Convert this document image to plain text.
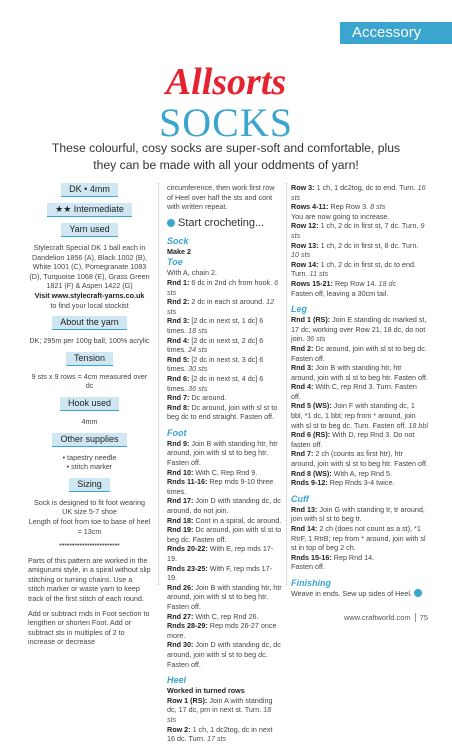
Accessory
Allsorts
SOCKS
These colourful, cosy socks are super-soft and comfortable, plus they can be made with all your oddments of yarn!
DK • 4mm
★★ Intermediate
Yarn used
Stylecraft Special DK 1 ball each in Dandelion 1856 (A), Black 1002 (B), White 1001 (C), Pomegranate 1083 (D), Turquoise 1068 (E), Grass Green 1821 (F) & Aspen 1422 (G)
Visit www.stylecraft-yarns.co.uk
to find your local stockist
About the yarn
DK; 295m per 100g ball; 100% acrylic
Tension
9 sts x 9 rows = 4cm measured over dc
Hook used
4mm
Other supplies
• tapestry needle
• stitch marker
Sizing
Sock is designed to fit foot wearing UK size 5-7 shoe
Length of foot from toe to base of heel = 13cm
••••••••••••••••••••••••
Parts of this pattern are worked in the amigurumi style, in a spiral without slip stitching or turning chains. Use a stitch marker or waste yarn to keep track of the first stitch of each round.
Add or subtract rnds in Foot section to lengthen or shorten Foot. Add or subtract sts in multiples of 2 to increase or decrease
circumference, then work first row of Heel over half the sts and cont with written repeat.
Start crocheting...
Sock
Make 2
Toe
With A, chain 2.
Rnd 1: 6 dc in 2nd ch from hook. 6 sts
Rnd 2: 2 dc in each st around. 12 sts
Rnd 3: [2 dc in next st, 1 dc] 6 times. 18 sts
Rnd 4: [2 dc in next st, 2 dc] 6 times. 24 sts
Rnd 5: [2 dc in next st, 3 dc] 6 times. 30 sts
Rnd 6: [2 dc in next st, 4 dc] 6 times. 36 sts
Rnd 7: Dc around.
Rnd 8: Dc around, join with sl st to beg dc to end straight. Fasten off.
Foot
Rnd 9: Join B with standing htr, htr around, join with sl st to beg htr. Fasten off.
Rnd 10: With C, Rep Rnd 9.
Rnds 11-16: Rep rnds 9-10 three times.
Rnd 17: Join D with standing dc, dc around, do not join.
Rnd 18: Cont in a spiral, dc around.
Rnd 19: Dc around, join with sl st to beg dc. Fasten off.
Rnds 20-22: With E, rep mds 17-19.
Rnds 23-25: With F, rep mds 17-19.
Rnd 26: Join B with standing htr, htr around, join with sl st to beg htr. Fasten off.
Rnd 27: With C, rep Rnd 26.
Rnds 28-29: Rep mds 26-27 once more.
Rnd 30: Join D with standing dc, dc around, join with sl st to beg dc. Fasten off.
Heel
Worked in turned rows
Row 1 (RS): Join A with standing dc, 17 dc, pm in next st. Turn. 18 sts
Row 2: 1 ch, 1 dc2tog, dc in next 16 dc. Turn. 17 sts
Row 3: 1 ch, 1 dc2tog, dc to end. Turn. 16 sts
Rows 4-11: Rep Row 3. 8 sts
You are now going to increase.
Row 12: 1 ch, 2 dc in first st, 7 dc. Turn. 9 sts
Row 13: 1 ch, 2 dc in first st, 8 dc. Turn. 10 sts
Row 14: 1 ch, 2 dc in first st, dc to end. Turn. 11 sts
Rows 15-21: Rep Row 14. 18 dc
Fasten off, leaving a 30cm tail.
Leg
Rnd 1 (RS): Join E standing dc marked st, 17 dc, working over Row 21, 18 dc, do not join. 36 sts
Rnd 2: Dc around, join with sl st to beg dc. Fasten off.
Rnd 3: Join B with standing htr, htr around, join with sl st to beg htr. Fasten off.
Rnd 4: With C, rep Rnd 3. Turn. Fasten off.
Rnd 5 (WS): Join F with standing dc, 1 bbl, *1 dc, 1 bbl; rep from * around, join with sl st to beg dc. Turn. Fasten off. 18 bbl
Rnd 6 (RS): With D, rep Rnd 3. Do not fasten off.
Rnd 7: 2 ch (counts as first htr), htr around, join with sl st to beg htr. Fasten off.
Rnd 8 (WS): With A, rep Rnd 5.
Rnds 9-12: Rep Rnds 3-4 twice.
Cuff
Rnd 13: Join G with standing tr, tr around, join with sl st to beg tr.
Rnd 14: 2 ch (does not count as a st), *1 RtrF, 1 RtrB; rep from * around, join with sl st in top of beg 2 ch.
Rnds 15-16: Rep Rnd 14.
Fasten off.
Finishing
Weave in ends. Sew up sides of Heel.
www.craftworld.com 75
